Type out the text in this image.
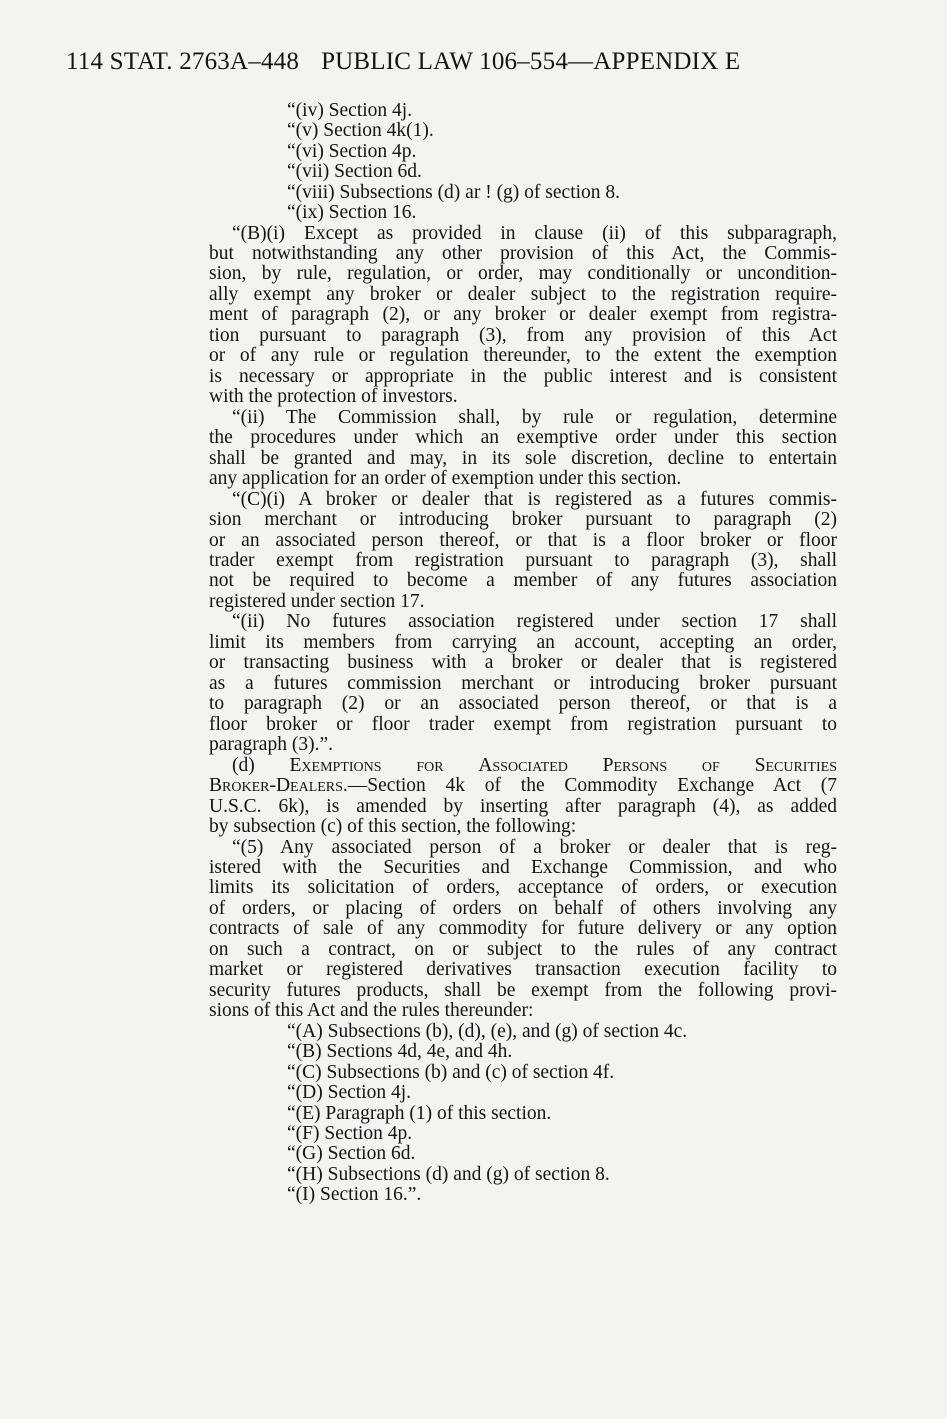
114 STAT. 2763A–448 PUBLIC LAW 106–554—APPENDIX E
“(iv) Section 4j.
“(v) Section 4k(1).
“(vi) Section 4p.
“(vii) Section 6d.
“(viii) Subsections (d) ar ! (g) of section 8.
“(ix) Section 16.
“(B)(i) Except as provided in clause (ii) of this subparagraph,
but notwithstanding any other provision of this Act, the Commis-
sion, by rule, regulation, or order, may conditionally or uncondition-
ally exempt any broker or dealer subject to the registration require-
ment of paragraph (2), or any broker or dealer exempt from registra-
tion pursuant to paragraph (3), from any provision of this Act
or of any rule or regulation thereunder, to the extent the exemption
is necessary or appropriate in the public interest and is consistent
with the protection of investors.
“(ii) The Commission shall, by rule or regulation, determine
the procedures under which an exemptive order under this section
shall be granted and may, in its sole discretion, decline to entertain
any application for an order of exemption under this section.
“(C)(i) A broker or dealer that is registered as a futures commis-
sion merchant or introducing broker pursuant to paragraph (2)
or an associated person thereof, or that is a floor broker or floor
trader exempt from registration pursuant to paragraph (3), shall
not be required to become a member of any futures association
registered under section 17.
“(ii) No futures association registered under section 17 shall
limit its members from carrying an account, accepting an order,
or transacting business with a broker or dealer that is registered
as a futures commission merchant or introducing broker pursuant
to paragraph (2) or an associated person thereof, or that is a
floor broker or floor trader exempt from registration pursuant to
paragraph (3).”.
(d) Exemptions for Associated Persons of Securities
Broker-Dealers.—Section 4k of the Commodity Exchange Act (7
U.S.C. 6k), is amended by inserting after paragraph (4), as added
by subsection (c) of this section, the following:
“(5) Any associated person of a broker or dealer that is reg-
istered with the Securities and Exchange Commission, and who
limits its solicitation of orders, acceptance of orders, or execution
of orders, or placing of orders on behalf of others involving any
contracts of sale of any commodity for future delivery or any option
on such a contract, on or subject to the rules of any contract
market or registered derivatives transaction execution facility to
security futures products, shall be exempt from the following provi-
sions of this Act and the rules thereunder:
“(A) Subsections (b), (d), (e), and (g) of section 4c.
“(B) Sections 4d, 4e, and 4h.
“(C) Subsections (b) and (c) of section 4f.
“(D) Section 4j.
“(E) Paragraph (1) of this section.
“(F) Section 4p.
“(G) Section 6d.
“(H) Subsections (d) and (g) of section 8.
“(I) Section 16.”.
